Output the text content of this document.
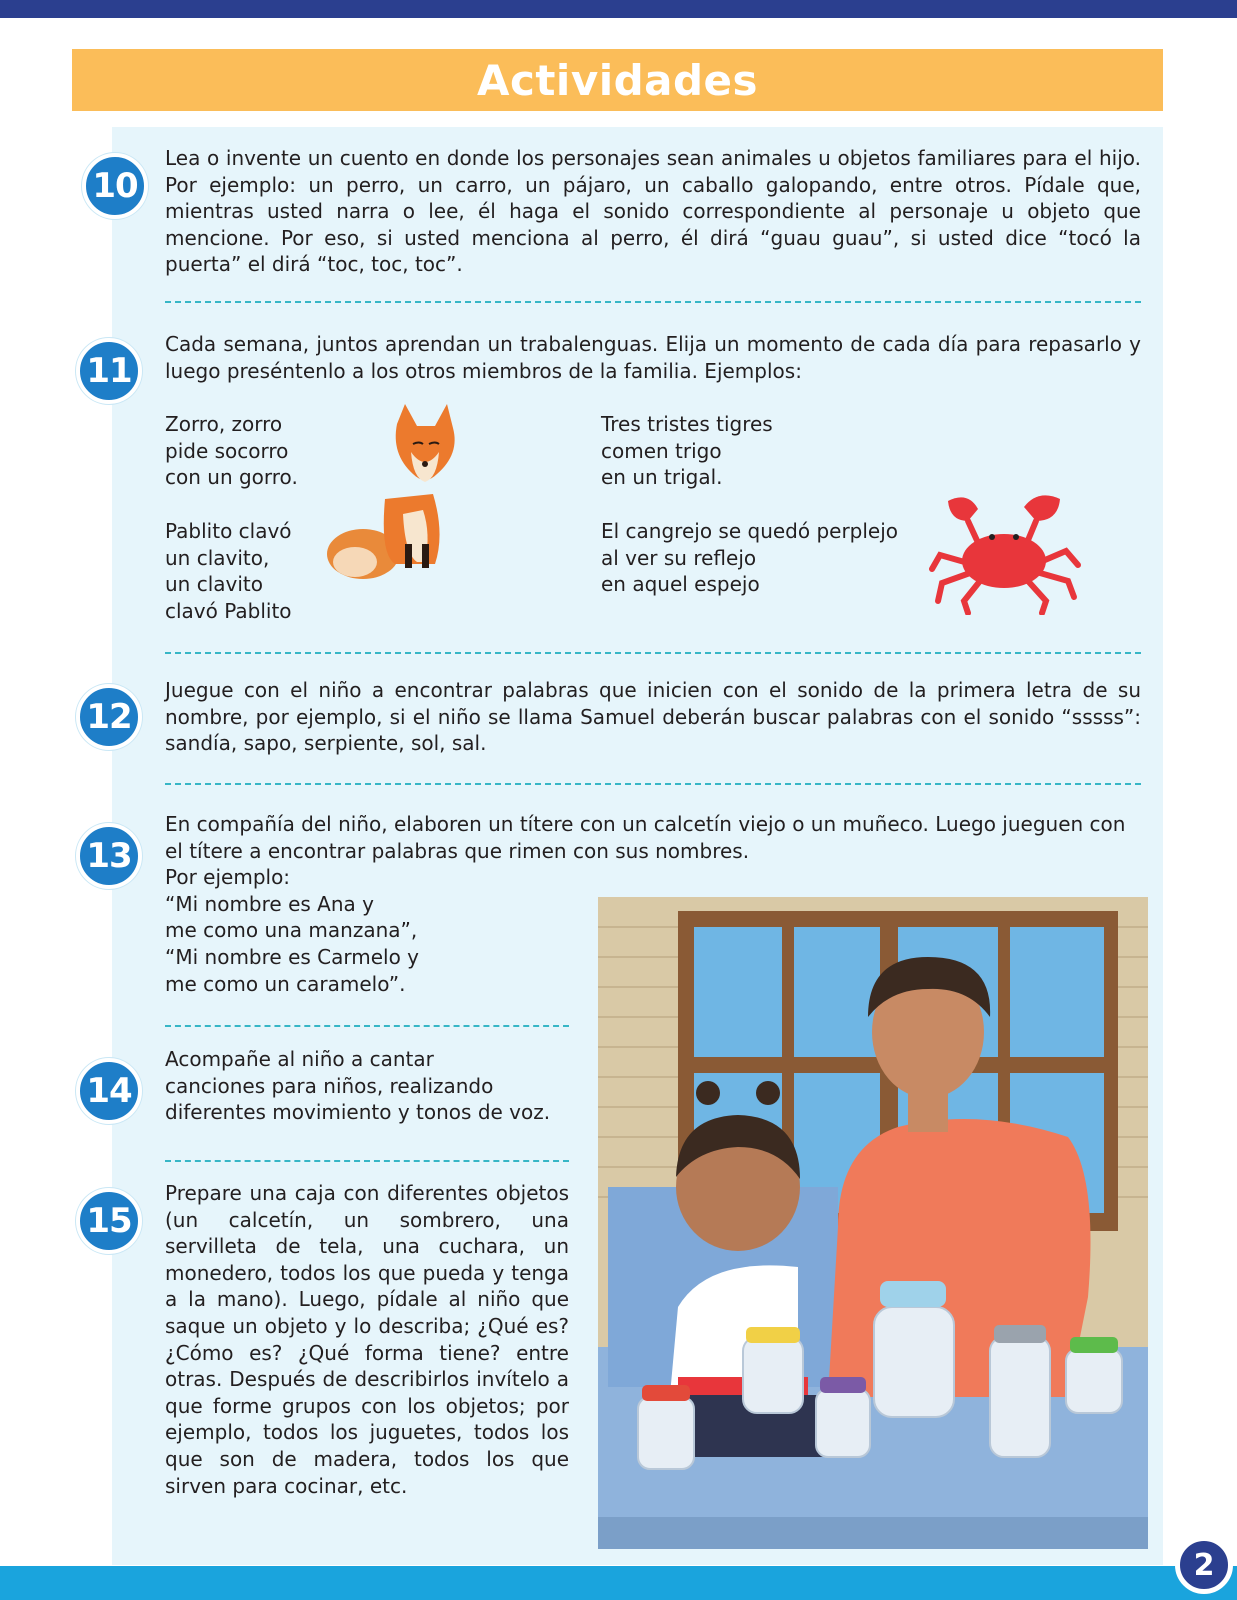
Actividades
10
Lea o invente un cuento en donde los personajes sean animales u objetos familiares para el hijo. Por ejemplo: un perro, un carro, un pájaro, un caballo galopando, entre otros. Pídale que, mientras usted narra o lee, él haga el sonido correspondiente al personaje u objeto que mencione. Por eso, si usted menciona al perro, él dirá “guau guau”, si usted dice “tocó la puerta” el dirá “toc, toc, toc”.
11
Cada semana, juntos aprendan un trabalenguas. Elija un momento de cada día para repasarlo y luego preséntenlo a los otros miembros de la familia. Ejemplos:
Zorro, zorro
pide socorro
con un gorro.
Pablito clavó
un clavito,
un clavito
clavó Pablito
Tres tristes tigres
comen trigo
en un trigal.
El cangrejo se quedó perplejo
al ver su reflejo
en aquel espejo
12
Juegue con el niño a encontrar palabras que inicien con el sonido de la primera letra de su nombre, por ejemplo, si el niño se llama Samuel deberán buscar palabras con el sonido “sssss”: sandía, sapo, serpiente, sol, sal.
13
En compañía del niño, elaboren un títere con un calcetín viejo o un muñeco. Luego jueguen con el títere a encontrar palabras que rimen con sus nombres.
Por ejemplo:
“Mi nombre es Ana y
me como una manzana”,
“Mi nombre es Carmelo y
me como un caramelo”.
14
Acompañe al niño a cantar
canciones para niños, realizando
diferentes movimiento y tonos de voz.
15
Prepare una caja con diferentes objetos (un calcetín, un sombrero, una servilleta de tela, una cuchara, un monedero, todos los que pueda y tenga a la mano). Luego, pídale al niño que saque un objeto y lo describa; ¿Qué es? ¿Cómo es? ¿Qué forma tiene? entre otras. Después de describirlos invítelo a que forme grupos con los objetos; por ejemplo, todos los juguetes, todos los que son de madera, todos los que sirven para cocinar, etc.
2
